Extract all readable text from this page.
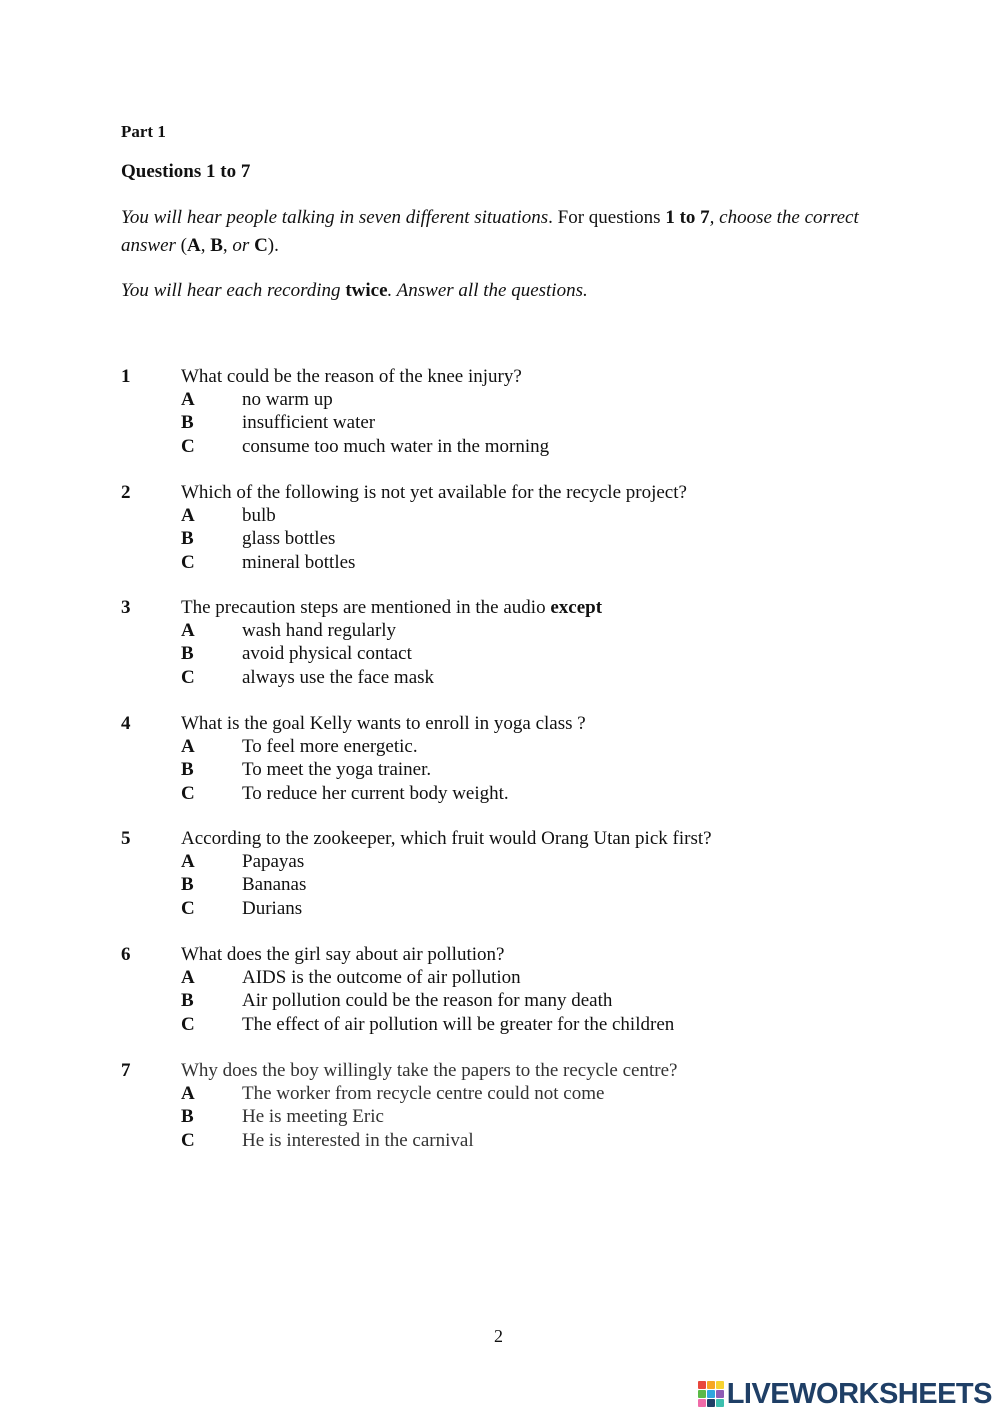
Part 1
Questions 1 to 7
You will hear people talking in seven different situations. For questions 1 to 7, choose the correct answer (A, B, or C).
You will hear each recording twice. Answer all the questions.
1	What could be the reason of the knee injury?
A no warm up
B	insufficient water
C consume too much water in the morning
2	Which of the following is not yet available for the recycle project?
A bulb
B	glass bottles
C mineral bottles
3	The precaution steps are mentioned in the audio except
A wash hand regularly
B	avoid physical contact
C always use the face mask
4	What is the goal Kelly wants to enroll in yoga class ?
A To feel more energetic.
B	To meet the yoga trainer.
C To reduce her current body weight.
5	According to the zookeeper, which fruit would Orang Utan pick first?
A Papayas
B	Bananas
C Durians
6	What does the girl say about air pollution?
A AIDS is the outcome of air pollution
B	Air pollution could be the reason for many death
C The effect of air pollution will be greater for the children
7	Why does the boy willingly take the papers to the recycle centre?
A The worker from recycle centre could not come
B	He is meeting Eric
C He is interested in the carnival
2
LIVEWORKSHEETS
